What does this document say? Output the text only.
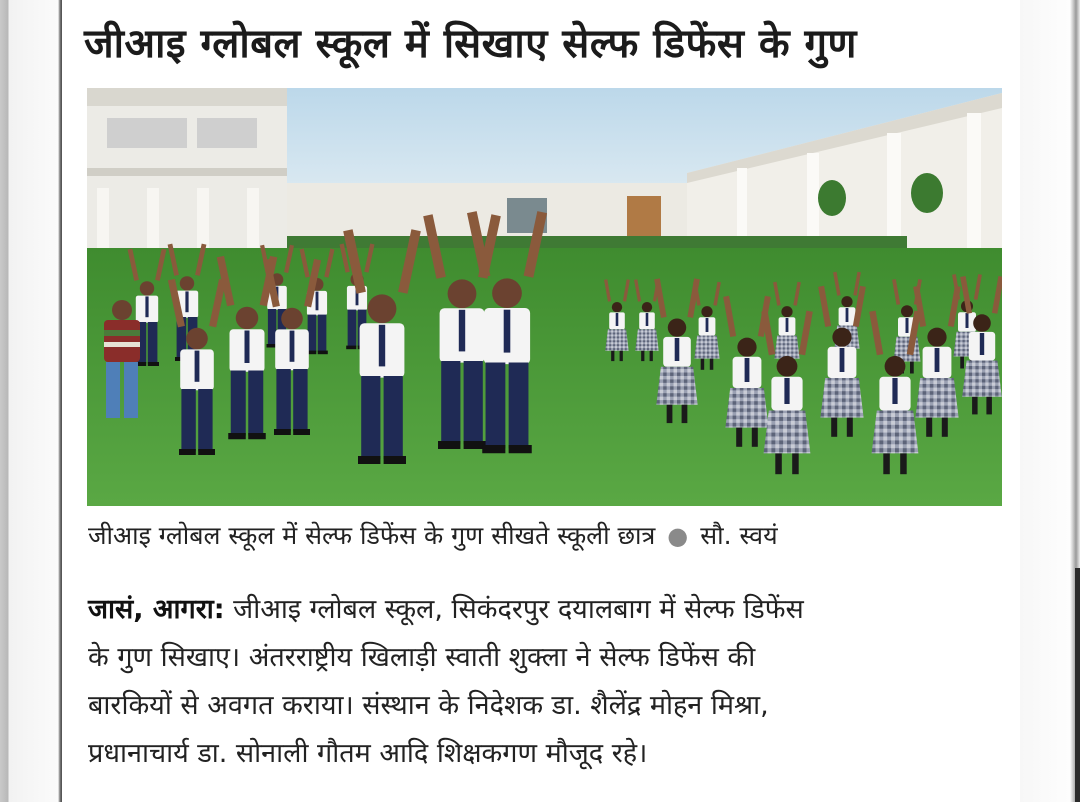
जीआइ ग्लोबल स्कूल में सिखाए सेल्फ डिफेंस के गुण
जीआइ ग्लोबल स्कूल में सेल्फ डिफेंस के गुण सीखते स्कूली छात्र ● सौ. स्वयं
जासं, आगरा: जीआइ ग्लोबल स्कूल, सिकंदरपुर दयालबाग में सेल्फ डिफेंस
के गुण सिखाए। अंतरराष्ट्रीय खिलाड़ी स्वाती शुक्ला ने सेल्फ डिफेंस की
बारकियों से अवगत कराया। संस्थान के निदेशक डा. शैलेंद्र मोहन मिश्रा,
प्रधानाचार्य डा. सोनाली गौतम आदि शिक्षकगण मौजूद रहे।
